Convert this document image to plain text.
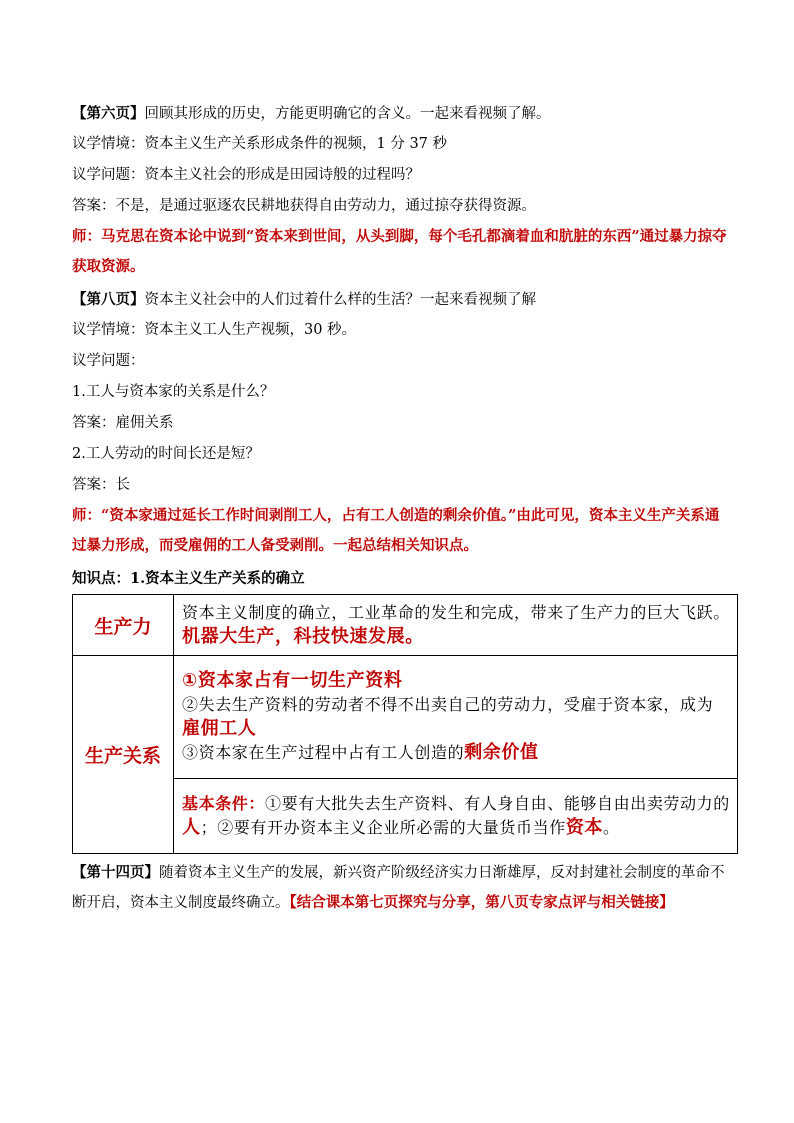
【第六页】回顾其形成的历史，方能更明确它的含义。一起来看视频了解。
议学情境：资本主义生产关系形成条件的视频，1 分 37 秒
议学问题：资本主义社会的形成是田园诗般的过程吗？
答案：不是，是通过驱逐农民耕地获得自由劳动力，通过掠夺获得资源。
师：马克思在资本论中说到“资本来到世间，从头到脚，每个毛孔都滴着血和肮脏的东西”通过暴力掠夺获取资源。
【第八页】资本主义社会中的人们过着什么样的生活？一起来看视频了解
议学情境：资本主义工人生产视频，30 秒。
议学问题：
1.工人与资本家的关系是什么？
答案：雇佣关系
2.工人劳动的时间长还是短？
答案：长
师：“资本家通过延长工作时间剥削工人，占有工人创造的剩余价值。”由此可见，资本主义生产关系通过暴力形成，而受雇佣的工人备受剥削。一起总结相关知识点。
知识点：1.资本主义生产关系的确立
生产力	资本主义制度的确立，工业革命的发生和完成，带来了生产力的巨大飞跃。机器大生产，科技快速发展。
生产关系	①资本家占有一切生产资料
②失去生产资料的劳动者不得不出卖自己的劳动力，受雇于资本家，成为雇佣工人
③资本家在生产过程中占有工人创造的剩余价值

	基本条件：①要有大批失去生产资料、有人身自由、能够自由出卖劳动力的人；②要有开办资本主义企业所必需的大量货币当作资本。
【第十四页】随着资本主义生产的发展，新兴资产阶级经济实力日渐雄厚，反对封建社会制度的革命不断开启，资本主义制度最终确立。【结合课本第七页探究与分享，第八页专家点评与相关链接】
